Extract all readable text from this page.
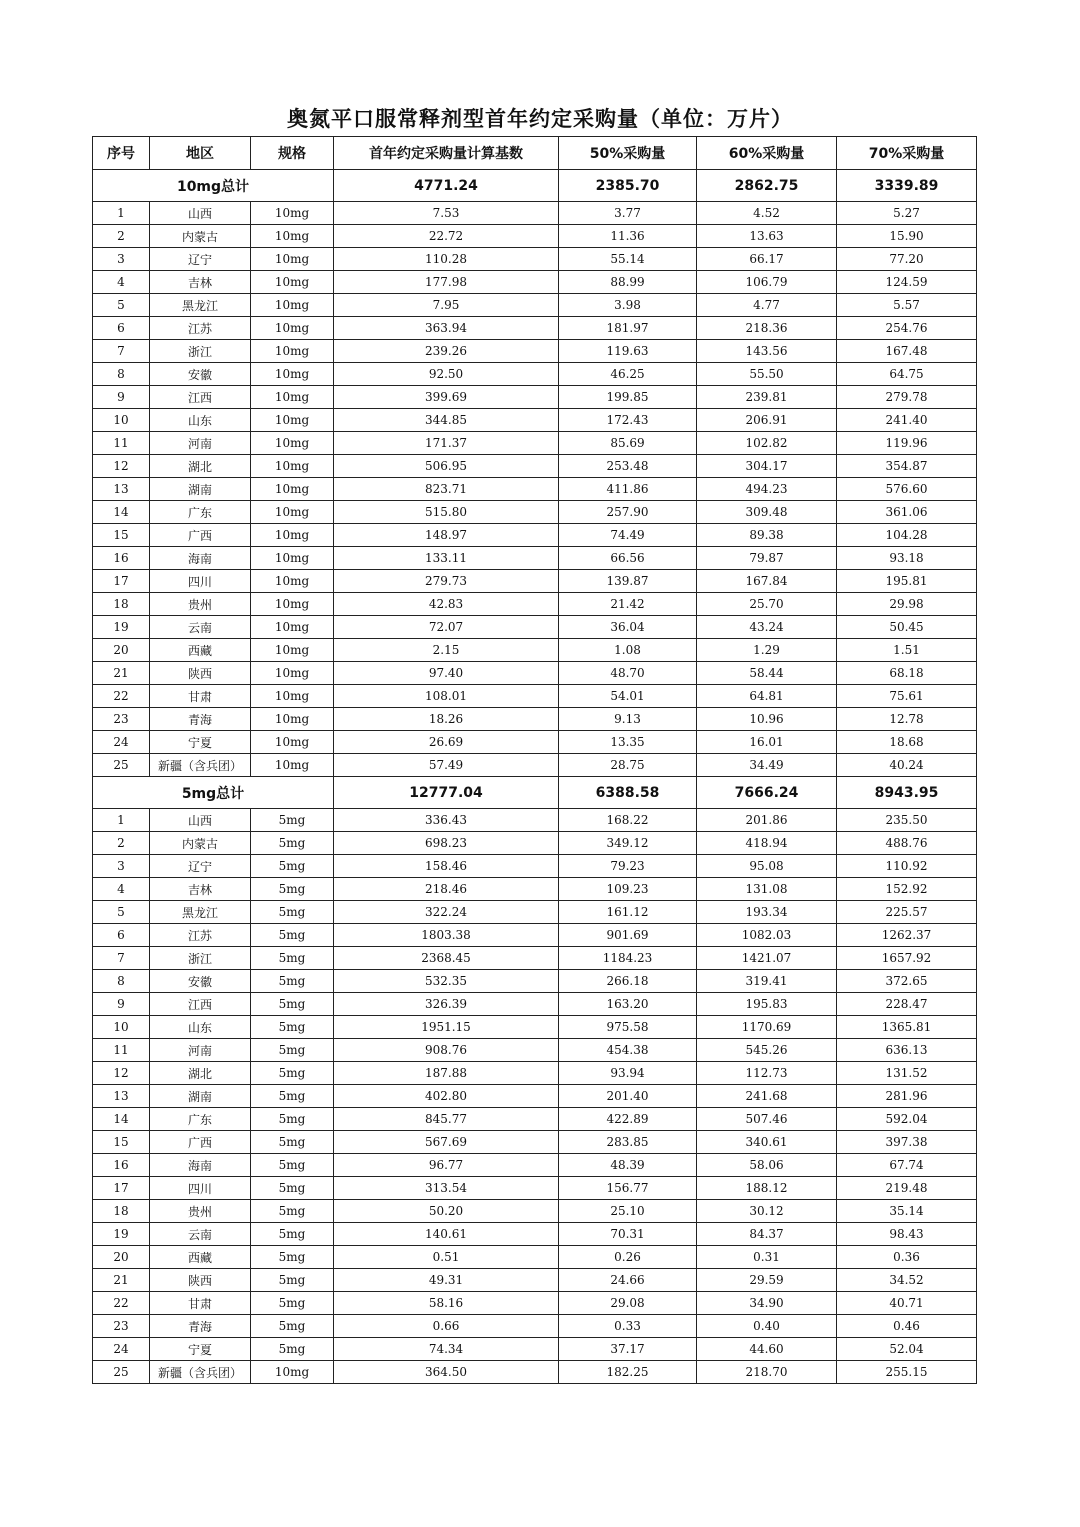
奥氮平口服常释剂型首年约定采购量（单位：万片）
序号	地区	规格	首年约定采购量计算基数	50%采购量	60%采购量	70%采购量
10mg总计			4771.24	2385.70	2862.75	3339.89
1	山西	10mg	7.53	3.77	4.52	5.27
2	内蒙古	10mg	22.72	11.36	13.63	15.90
3	辽宁	10mg	110.28	55.14	66.17	77.20
4	吉林	10mg	177.98	88.99	106.79	124.59
5	黑龙江	10mg	7.95	3.98	4.77	5.57
6	江苏	10mg	363.94	181.97	218.36	254.76
7	浙江	10mg	239.26	119.63	143.56	167.48
8	安徽	10mg	92.50	46.25	55.50	64.75
9	江西	10mg	399.69	199.85	239.81	279.78
10	山东	10mg	344.85	172.43	206.91	241.40
11	河南	10mg	171.37	85.69	102.82	119.96
12	湖北	10mg	506.95	253.48	304.17	354.87
13	湖南	10mg	823.71	411.86	494.23	576.60
14	广东	10mg	515.80	257.90	309.48	361.06
15	广西	10mg	148.97	74.49	89.38	104.28
16	海南	10mg	133.11	66.56	79.87	93.18
17	四川	10mg	279.73	139.87	167.84	195.81
18	贵州	10mg	42.83	21.42	25.70	29.98
19	云南	10mg	72.07	36.04	43.24	50.45
20	西藏	10mg	2.15	1.08	1.29	1.51
21	陕西	10mg	97.40	48.70	58.44	68.18
22	甘肃	10mg	108.01	54.01	64.81	75.61
23	青海	10mg	18.26	9.13	10.96	12.78
24	宁夏	10mg	26.69	13.35	16.01	18.68
25	新疆（含兵团）	10mg	57.49	28.75	34.49	40.24
5mg总计			12777.04	6388.58	7666.24	8943.95
1	山西	5mg	336.43	168.22	201.86	235.50
2	内蒙古	5mg	698.23	349.12	418.94	488.76
3	辽宁	5mg	158.46	79.23	95.08	110.92
4	吉林	5mg	218.46	109.23	131.08	152.92
5	黑龙江	5mg	322.24	161.12	193.34	225.57
6	江苏	5mg	1803.38	901.69	1082.03	1262.37
7	浙江	5mg	2368.45	1184.23	1421.07	1657.92
8	安徽	5mg	532.35	266.18	319.41	372.65
9	江西	5mg	326.39	163.20	195.83	228.47
10	山东	5mg	1951.15	975.58	1170.69	1365.81
11	河南	5mg	908.76	454.38	545.26	636.13
12	湖北	5mg	187.88	93.94	112.73	131.52
13	湖南	5mg	402.80	201.40	241.68	281.96
14	广东	5mg	845.77	422.89	507.46	592.04
15	广西	5mg	567.69	283.85	340.61	397.38
16	海南	5mg	96.77	48.39	58.06	67.74
17	四川	5mg	313.54	156.77	188.12	219.48
18	贵州	5mg	50.20	25.10	30.12	35.14
19	云南	5mg	140.61	70.31	84.37	98.43
20	西藏	5mg	0.51	0.26	0.31	0.36
21	陕西	5mg	49.31	24.66	29.59	34.52
22	甘肃	5mg	58.16	29.08	34.90	40.71
23	青海	5mg	0.66	0.33	0.40	0.46
24	宁夏	5mg	74.34	37.17	44.60	52.04
25	新疆（含兵团）	10mg	364.50	182.25	218.70	255.15
